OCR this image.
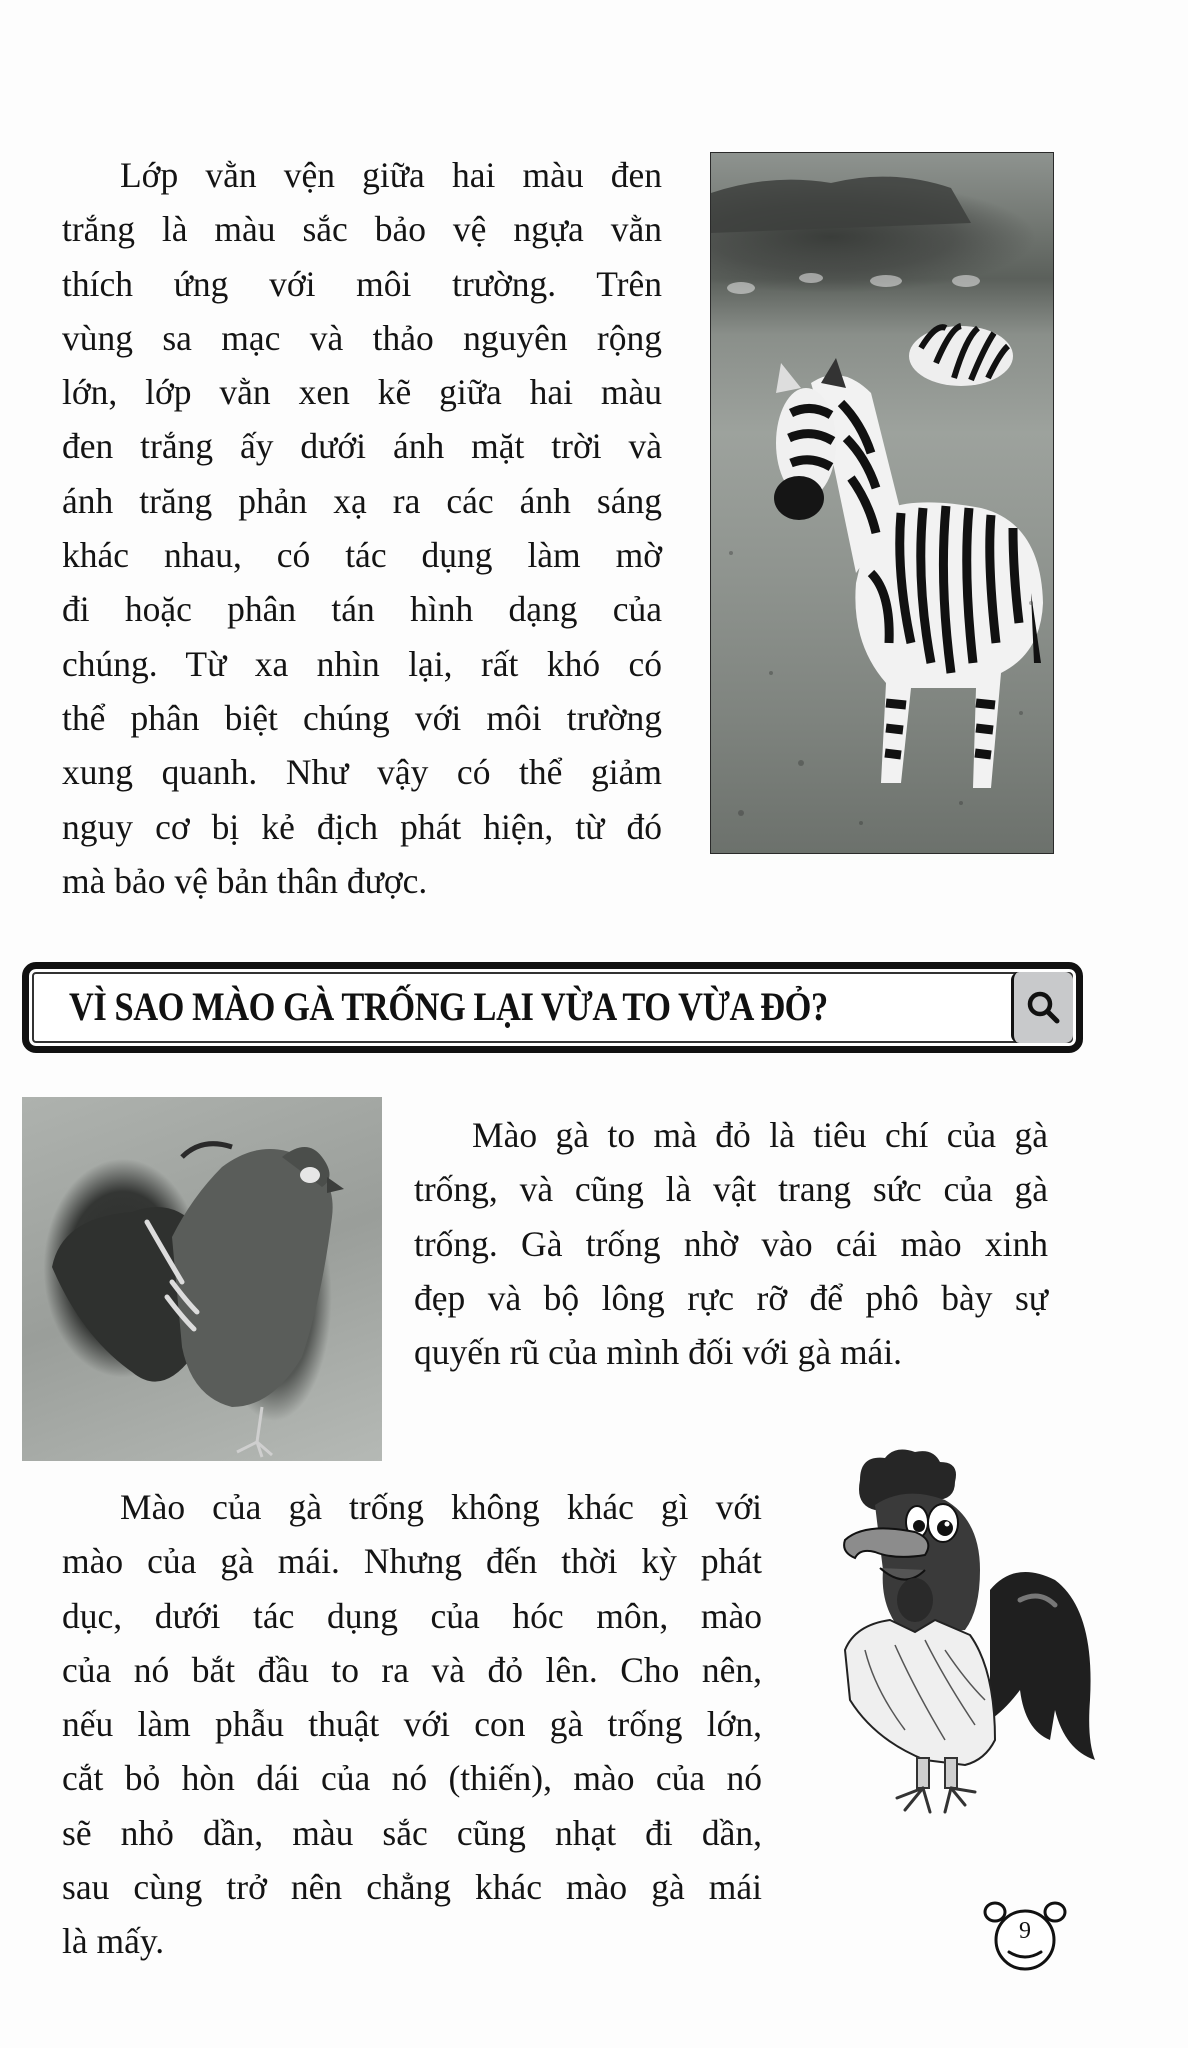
Lớp vằn vện giữa hai màu đen
trắng là màu sắc bảo vệ ngựa vằn
thích ứng với môi trường. Trên
vùng sa mạc và thảo nguyên rộng
lớn, lớp vằn xen kẽ giữa hai màu
đen trắng ấy dưới ánh mặt trời và
ánh trăng phản xạ ra các ánh sáng
khác nhau, có tác dụng làm mờ
đi hoặc phân tán hình dạng của
chúng. Từ xa nhìn lại, rất khó có
thể phân biệt chúng với môi trường
xung quanh. Như vậy có thể giảm
nguy cơ bị kẻ địch phát hiện, từ đó
mà bảo vệ bản thân được.
VÌ SAO MÀO GÀ TRỐNG LẠI VỪA TO VỪA ĐỎ?
Mào gà to mà đỏ là tiêu chí của gà
trống, và cũng là vật trang sức của gà
trống. Gà trống nhờ vào cái mào xinh
đẹp và bộ lông rực rỡ để phô bày sự
quyến rũ của mình đối với gà mái.
Mào của gà trống không khác gì với
mào của gà mái. Nhưng đến thời kỳ phát
dục, dưới tác dụng của hóc môn, mào
của nó bắt đầu to ra và đỏ lên. Cho nên,
nếu làm phẫu thuật với con gà trống lớn,
cắt bỏ hòn dái của nó (thiến), mào của nó
sẽ nhỏ dần, màu sắc cũng nhạt đi dần,
sau cùng trở nên chẳng khác mào gà mái
là mấy.	9
